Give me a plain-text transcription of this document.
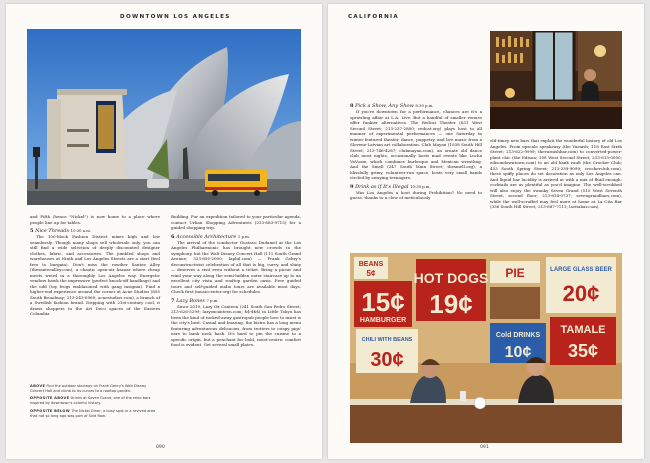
DOWNTOWN LOS ANGELES

and Fifth (hence "Nickel") is now home to a place where people line up for tables.

5 Nice Threads 10:30 a.m.

The 100-block Fashion District mixes high and low seamlessly. Though many shops sell wholesale only, you can still find a wide selection of deeply discounted designer clothes, fabric, and accessories. The jumbled shops and warehouses at Ninth and Los Angeles Streets are a start (feel free to bargain). Don't miss the rowdier Santee Alley (thesanteealley.com), a chaotic open-air bazaar where cheap meets weird in a thoroughly Los Angeles way. Energetic vendors hawk the impressive (perfect knock-off handbags) and the odd (toy frogs emblazoned with gang insignia). Find a higher-end experience around the corner at Acne Studios (855 South Broadway; 213-243-0960; acnestudios.com), a branch of a Swedish fashion brand. Dripping with 21st-century cool, it draws shoppers to the Art Deco spaces of the Eastern Columbia

Building. For an expedition tailored to your particular agenda, contact Urban Shopping Adventures (213-683-9715) for a guided shopping trip.

6 Accessible Architecture 1 p.m.

The arrival of the conductor Gustavo Dudamel at the Los Angeles Philharmonic has brought new crowds to the symphony, but the Walt Disney Concert Hall (111 South Grand Avenue; 323-850-2000; laphil.com) — Frank Gehry's deconstructivist celebration of all that is big, curvy, and shiny — deserves a visit even without a ticket. Bring a picnic and wind your way along the semi-hidden outer staircase up to an excellent city vista and rooftop garden oasis. Free guided tours and self-guided audio tours are available most days. Check first (musiccenter.org) for schedules.

7 Lazy Bones 7 p.m.

Since 2010, Lazy Ox Canteen (241 South San Pedro Street; 213-626-5299; lazyoxcanteen.com; $$-$$$) in Little Tokyo has been the kind of tucked-away gastropub people love to insist is the city's best. Casual and buzzing, the bistro has a long menu featuring adventurous delicacies, from trotters to crispy pigs' ears to lamb neck hash. It's hard to pin the cuisine to a specific origin, but a penchant for bold, meat-centric comfort food is evident. Get several small plates.

ABOVE Find the outdoor stairway on Frank Gehry's Walt Disney Concert Hall and climb to its curves to a rooftop garden.

OPPOSITE ABOVE Drinks at Seven Grand, one of the retro bars inspired by downtown's colorful history.

OPPOSITE BELOW The Nickel Diner, a busy spot in a revived area that not so long ago was part of Skid Row.

090
CALIFORNIA

8 Pick a Show, Any Show 8:30 p.m.

If you're downtown for a performance, chances are it's a sprawling affair at L.A. Live. But a handful of smaller venues offer funkier alternatives. The Redcat Theater (631 West Second Street; 213-237-2800; redcat.org) plays host to all manner of experimental performances — one Saturday in winter featured theater, dance, puppetry, and live music from a Slovene-Latvian art collaboration. Club Mayan (1038 South Hill Street; 213-746-4287; clubmayan.com), an ornate old dance club most nights, occasionally hosts mad events like Lucha VaVoom, which combines burlesque and Mexican wrestling. And the Smell (247 South Main Street; thesmell.org), a blissfully grimy, volunteer-run space, hosts very small bands circled by swaying teenagers.

9 Drink as if It's Illegal 10:30 p.m.

Was Los Angeles a hoot during Prohibition? No need to guess, thanks to a clew of meticulously

old-timey new bars that exploit the wonderful history of old Los Angeles. From upscale speakeasy (the Varnish; 118 East Sixth Street; 213-622-9999; thevarnishbar.com) to converted-power-plant chic (the Edison; 108 West Second Street; 213-613-0000; edisondowntown.com) to an old bank vault (the Crocker Club; 453 South Spring Street; 213-239-9099; crockerclub.com), these spiffy places do set decoration as only Los Angeles can. And liquid bar lucidity is arrived at with a mix of fluid enough: cocktails are as plentiful as you'd imagine. The well-scrubbed will also enjoy the swanky Seven Grand (515 West Seventh Street, second floor; 213-614-0737; sevengrandbars.com), while the well-scruffed may feel more at home at La Cita Bar (336 South Hill Street; 213-687-7111; lacitabar.com).

BEANS
5¢
15¢
HAMBURGER
HOT DOGS
19¢
LARGE GLASS BEER
20¢
CHILI WITH BEANS
30¢
Cold DRINKS
10¢
TAMALE
35¢
PIE
091
